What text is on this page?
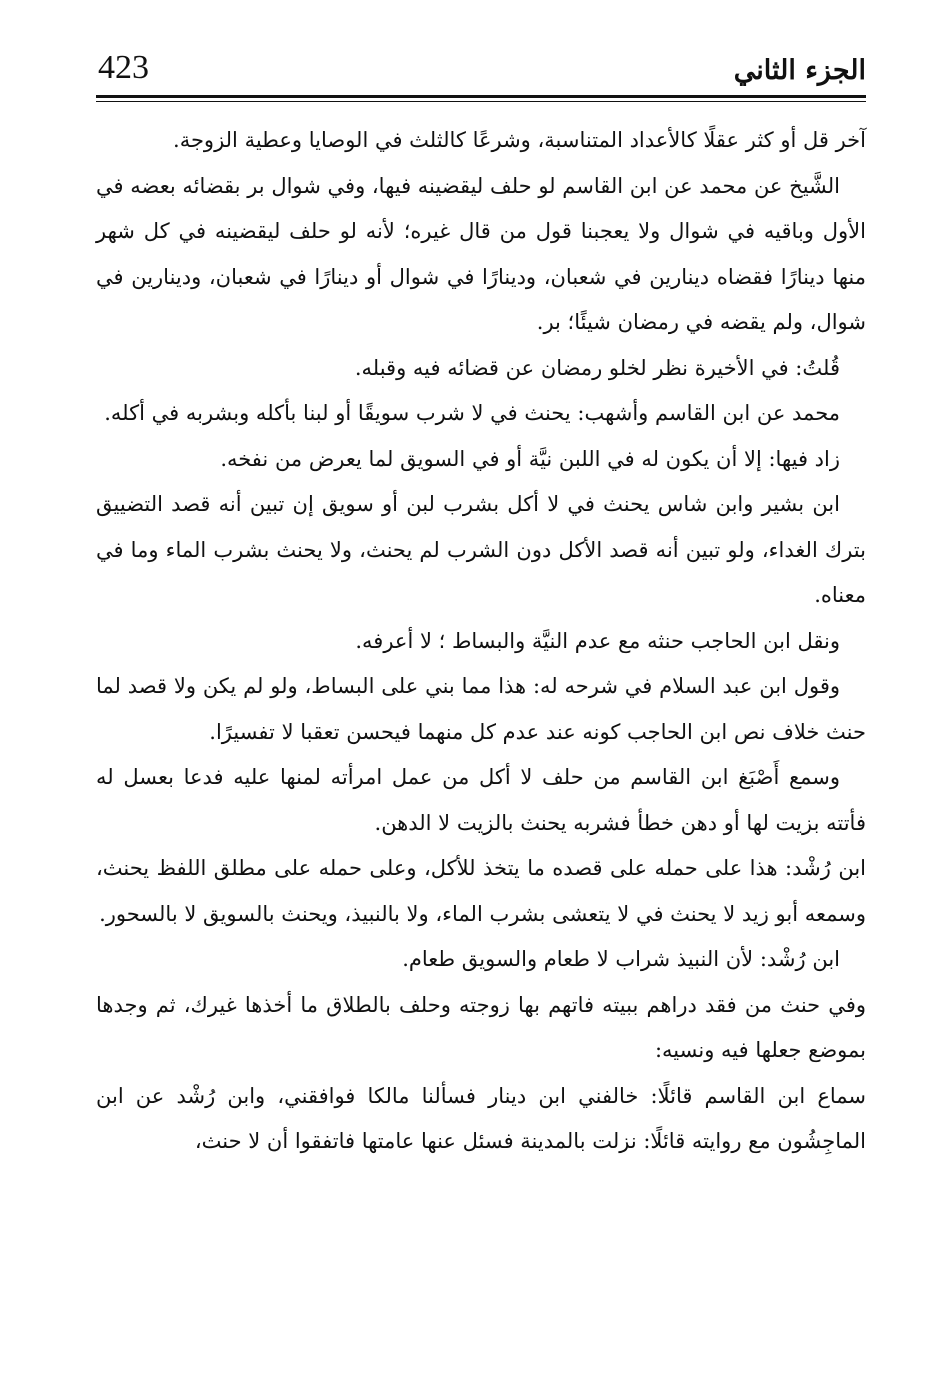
423	الجزء الثاني

آخر قل أو كثر عقلًا كالأعداد المتناسبة، وشرعًا كالثلث في الوصايا وعطية الزوجة.

الشَّيخ عن محمد عن ابن القاسم لو حلف ليقضينه فيها، وفي شوال بر بقضائه بعضه في الأول وباقيه في شوال ولا يعجبنا قول من قال غيره؛ لأنه لو حلف ليقضينه في كل شهر منها دينارًا فقضاه دينارين في شعبان، ودينارًا في شوال أو دينارًا في شعبان، ودينارين في شوال، ولم يقضه في رمضان شيئًا؛ بر.

قُلتُ: في الأخيرة نظر لخلو رمضان عن قضائه فيه وقبله.

محمد عن ابن القاسم وأشهب: يحنث في لا شرب سويقًا أو لبنا بأكله وبشربه في أكله.

زاد فيها: إلا أن يكون له في اللبن نيَّة أو في السويق لما يعرض من نفخه.

ابن بشير وابن شاس يحنث في لا أكل بشرب لبن أو سويق إن تبين أنه قصد التضييق بترك الغداء، ولو تبين أنه قصد الأكل دون الشرب لم يحنث، ولا يحنث بشرب الماء وما في معناه.

ونقل ابن الحاجب حنثه مع عدم النيَّة والبساط ؛ لا أعرفه.

وقول ابن عبد السلام في شرحه له: هذا مما بني على البساط، ولو لم يكن ولا قصد لما حنث خلاف نص ابن الحاجب كونه عند عدم كل منهما فيحسن تعقبا لا تفسيرًا.

وسمع أَصْبَغ ابن القاسم من حلف لا أكل من عمل امرأته لمنها عليه فدعا بعسل له فأتته بزيت لها أو دهن خطأ فشربه يحنث بالزيت لا الدهن.

ابن رُشْد: هذا على حمله على قصده ما يتخذ للأكل، وعلى حمله على مطلق اللفظ يحنث، وسمعه أبو زيد لا يحنث في لا يتعشى بشرب الماء، ولا بالنبيذ، ويحنث بالسويق لا بالسحور.

ابن رُشْد: لأن النبيذ شراب لا طعام والسويق طعام.

وفي حنث من فقد دراهم ببيته فاتهم بها زوجته وحلف بالطلاق ما أخذها غيرك، ثم وجدها بموضع جعلها فيه ونسيه:

سماع ابن القاسم قائلًا: خالفني ابن دينار فسألنا مالكا فوافقني، وابن رُشْد عن ابن الماجِشُون مع روايته قائلًا: نزلت بالمدينة فسئل عنها عامتها فاتفقوا أن لا حنث،
